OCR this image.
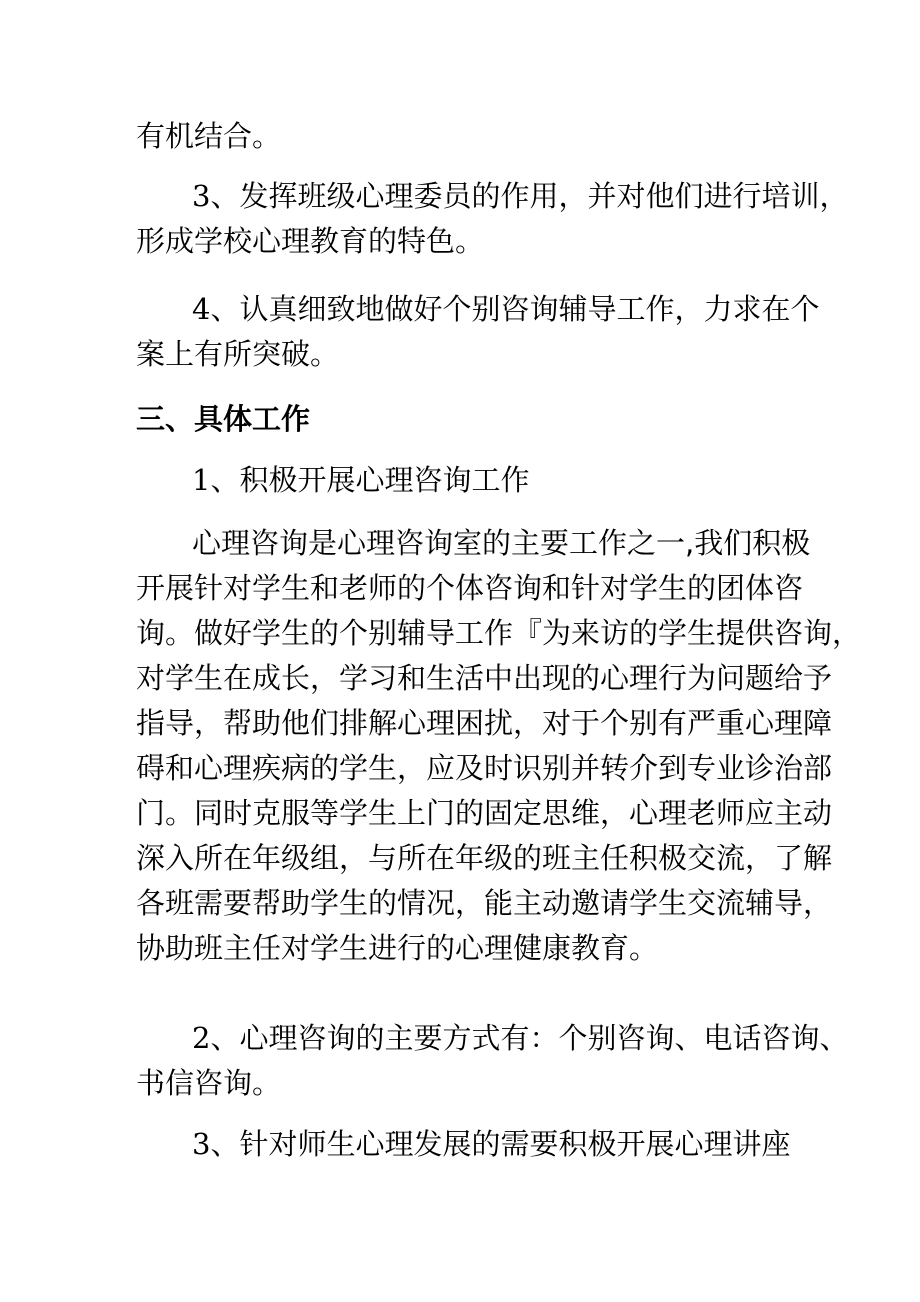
有机结合。

3、发挥班级心理委员的作用，并对他们进行培训，
形成学校心理教育的特色。

4、认真细致地做好个别咨询辅导工作，力求在个
案上有所突破。

三、具体工作

1、积极开展心理咨询工作

心理咨询是心理咨询室的主要工作之一,我们积极
开展针对学生和老师的个体咨询和针对学生的团体咨
询。做好学生的个别辅导工作『为来访的学生提供咨询，
对学生在成长，学习和生活中出现的心理行为问题给予
指导，帮助他们排解心理困扰，对于个别有严重心理障
碍和心理疾病的学生，应及时识别并转介到专业诊治部
门。同时克服等学生上门的固定思维，心理老师应主动
深入所在年级组，与所在年级的班主任积极交流，了解
各班需要帮助学生的情况，能主动邀请学生交流辅导，
协助班主任对学生进行的心理健康教育。

2、心理咨询的主要方式有：个别咨询、电话咨询、
书信咨询。

3、针对师生心理发展的需要积极开展心理讲座
